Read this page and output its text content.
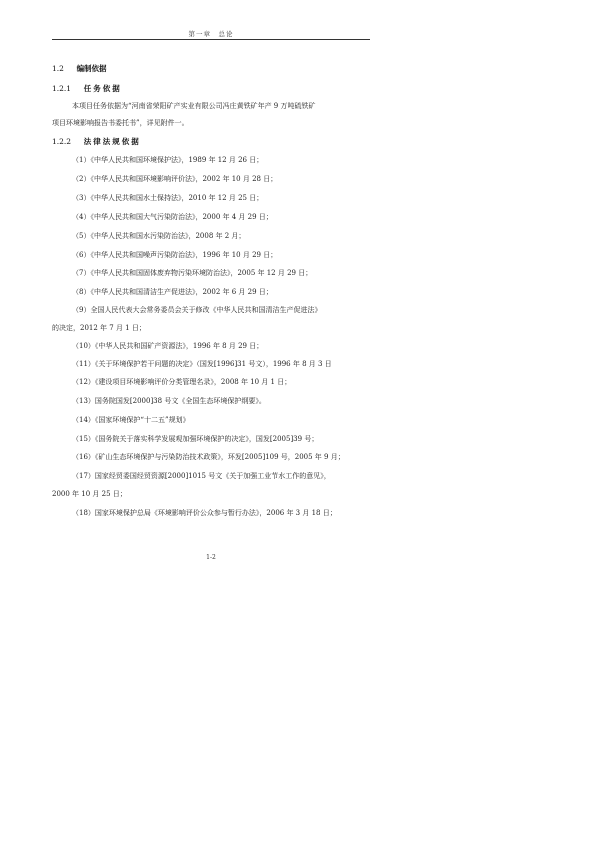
第一章　总论
1.2 编制依据
1.2.1 任务依据
本项目任务依据为“河南省荣阳矿产实业有限公司冯庄黄铁矿年产 9 万吨硫铁矿
项目环境影响报告书委托书”，详见附件一。
1.2.2 法律法规依据
（1）《中华人民共和国环境保护法》，1989 年 12 月 26 日；
（2）《中华人民共和国环境影响评价法》，2002 年 10 月 28 日；
（3）《中华人民共和国水土保持法》，2010 年 12 月 25 日；
（4）《中华人民共和国大气污染防治法》，2000 年 4 月 29 日；
（5）《中华人民共和国水污染防治法》，2008 年 2 月；
（6）《中华人民共和国噪声污染防治法》，1996 年 10 月 29 日；
（7）《中华人民共和国固体废弃物污染环境防治法》，2005 年 12 月 29 日；
（8）《中华人民共和国清洁生产促进法》，2002 年 6 月 29 日；
（9）全国人民代表大会常务委员会关于修改《中华人民共和国清洁生产促进法》
的决定，2012 年 7 月 1 日；
（10）《中华人民共和国矿产资源法》，1996 年 8 月 29 日；
（11）《关于环境保护若干问题的决定》（国发[1996]31 号文），1996 年 8 月 3 日
（12）《建设项目环境影响评价分类管理名录》，2008 年 10 月 1 日；
（13）国务院国发[2000]38 号文《全国生态环境保护纲要》。
（14）《国家环境保护“十二五”规划》
（15）《国务院关于落实科学发展观加强环境保护的决定》，国发[2005]39 号；
（16）《矿山生态环境保护与污染防治技术政策》，环发[2005]109 号，2005 年 9 月；
（17）国家经贸委国经贸资源[2000]1015 号文《关于加强工业节水工作的意见》，
2000 年 10 月 25 日；
（18）国家环境保护总局《环境影响评价公众参与暂行办法》，2006 年 3 月 18 日；
1-2
